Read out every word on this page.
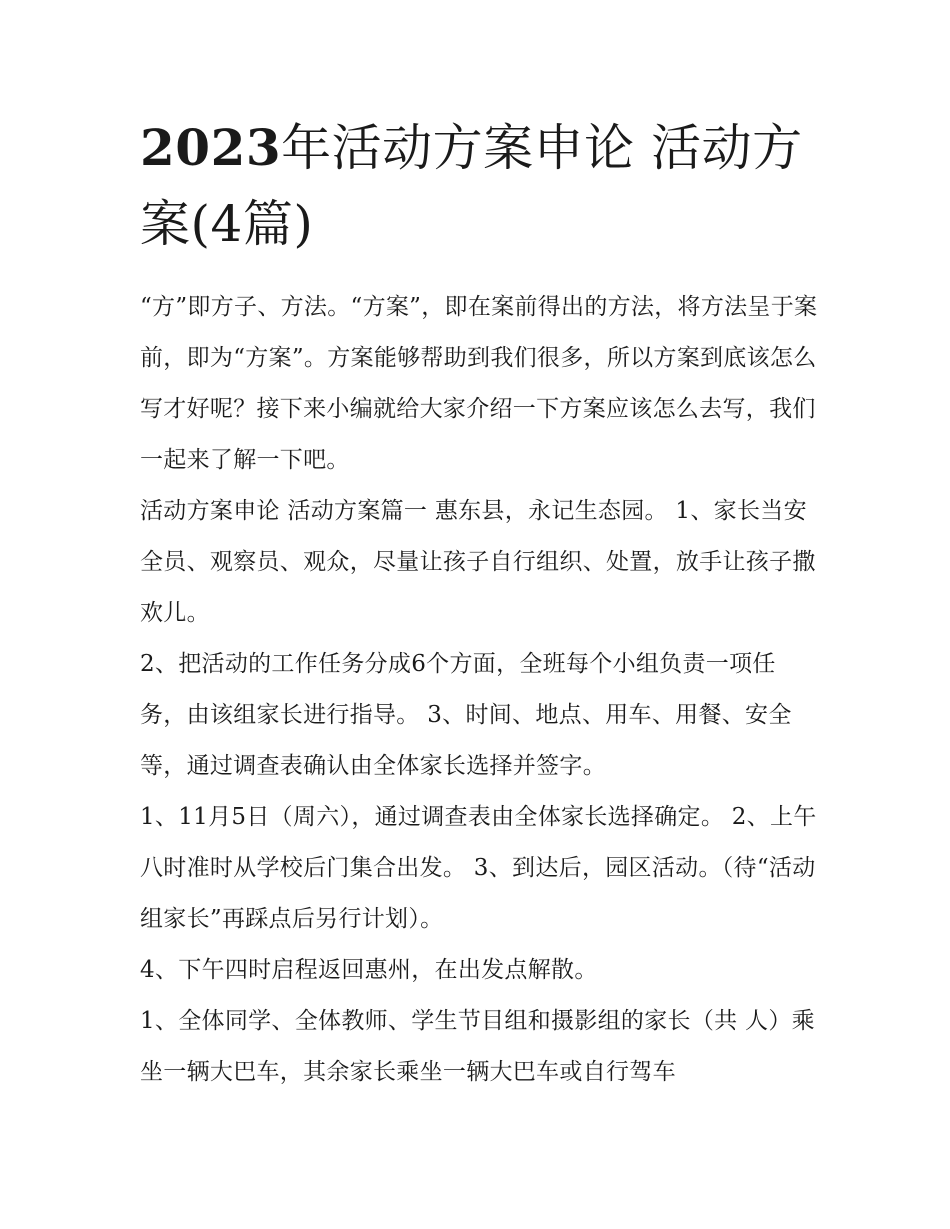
2023年活动方案申论 活动方案(4篇)

“方”即方子、方法。“方案”，即在案前得出的方法，将方法呈于案前，即为“方案”。方案能够帮助到我们很多，所以方案到底该怎么写才好呢？接下来小编就给大家介绍一下方案应该怎么去写，我们一起来了解一下吧。

活动方案申论 活动方案篇一 惠东县，永记生态园。 1、家长当安全员、观察员、观众，尽量让孩子自行组织、处置，放手让孩子撒欢儿。

2、把活动的工作任务分成6个方面，全班每个小组负责一项任务，由该组家长进行指导。 3、时间、地点、用车、用餐、安全等，通过调查表确认由全体家长选择并签字。

1、11月5日（周六），通过调查表由全体家长选择确定。 2、上午八时准时从学校后门集合出发。 3、到达后，园区活动。（待“活动组家长”再踩点后另行计划）。

4、下午四时启程返回惠州，在出发点解散。

1、全体同学、全体教师、学生节目组和摄影组的家长（共 人）乘坐一辆大巴车，其余家长乘坐一辆大巴车或自行驾车
